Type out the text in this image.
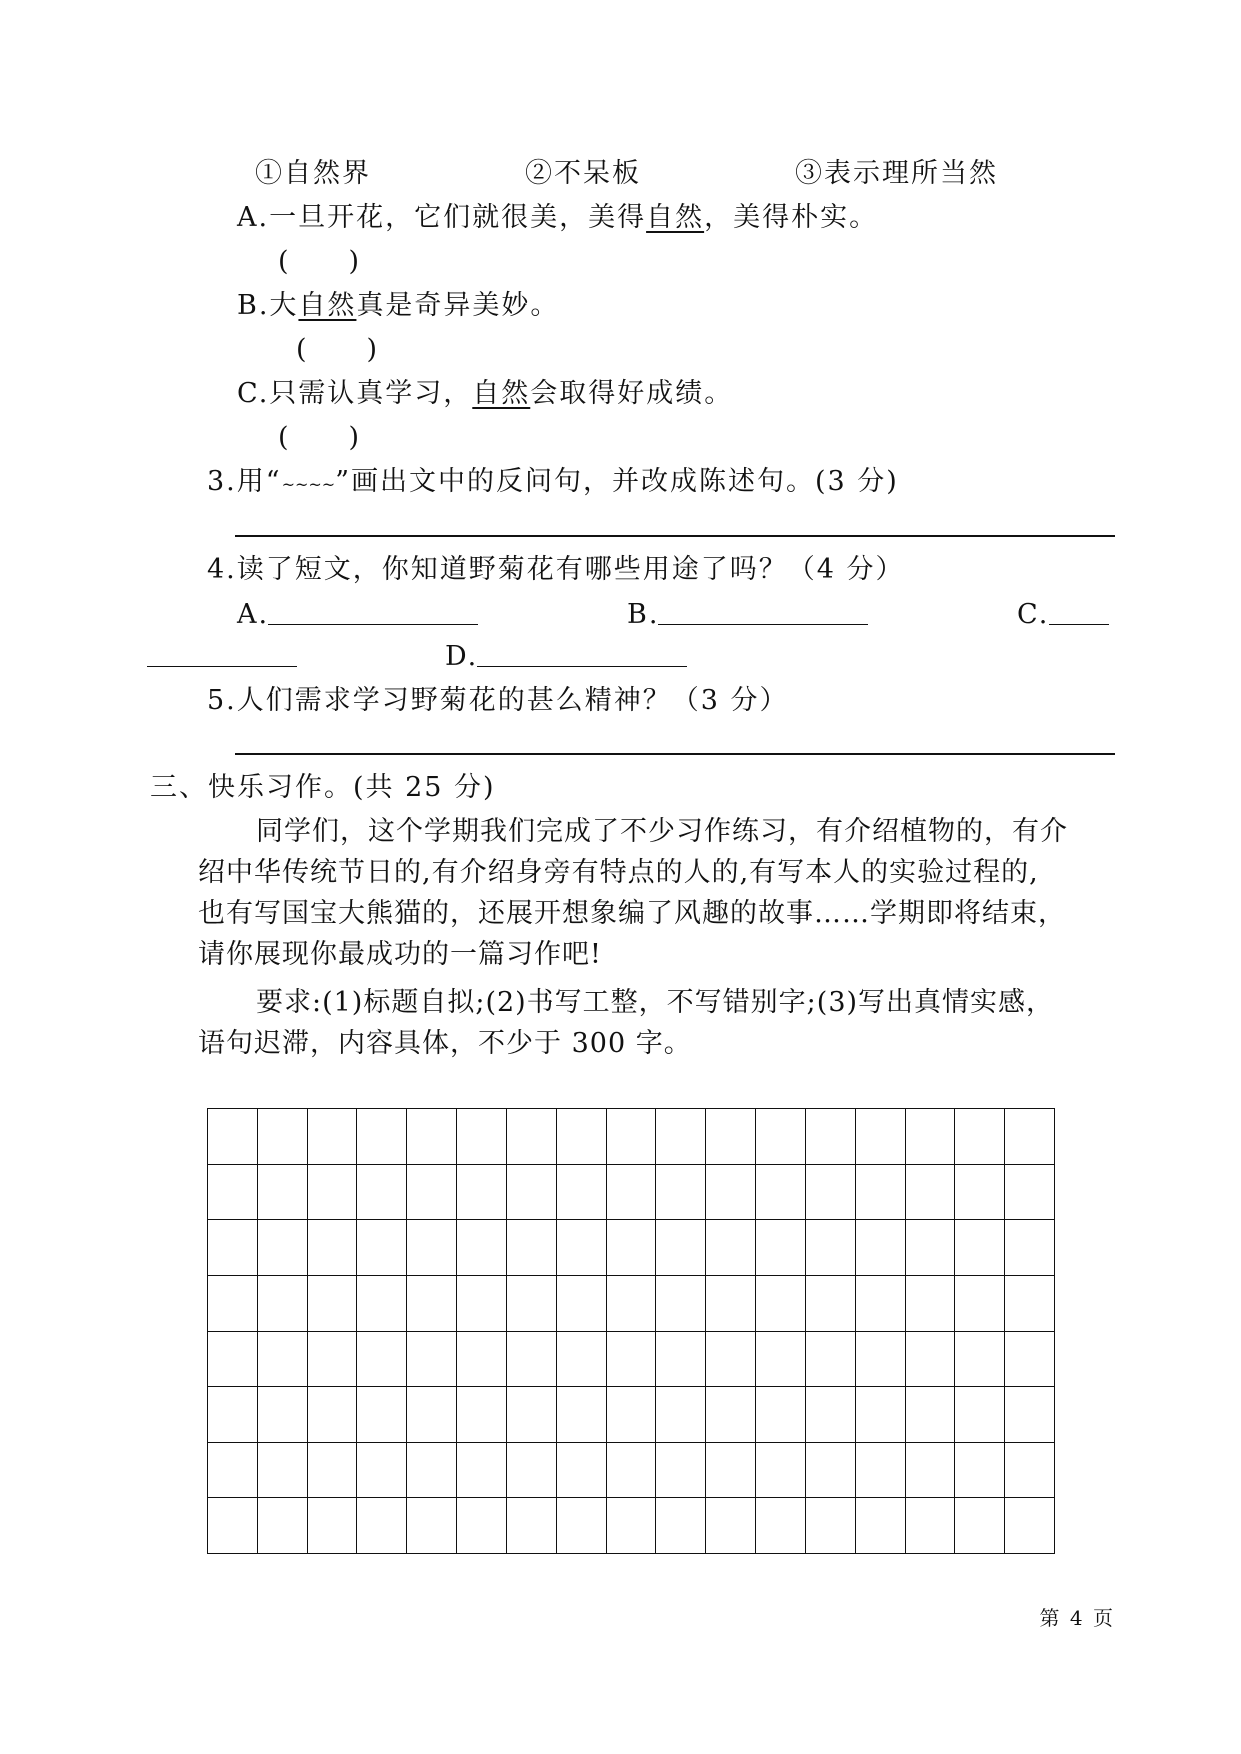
①自然界	②不呆板	③表示理所当然
A.一旦开花，它们就很美，美得自然，美得朴实。
(　　)
B.大自然真是奇异美妙。
(　　)
C.只需认真学习，自然会取得好成绩。
(　　)
3.用“~~~~”画出文中的反问句，并改成陈述句。(3 分)
4.读了短文，你知道野菊花有哪些用途了吗？（4 分）
A.	B.	C.
D.
5.人们需求学习野菊花的甚么精神？（3 分）
三、快乐习作。(共 25 分)
同学们，这个学期我们完成了不少习作练习，有介绍植物的，有介
绍中华传统节日的,有介绍身旁有特点的人的,有写本人的实验过程的,
也有写国宝大熊猫的，还展开想象编了风趣的故事……学期即将结束，
请你展现你最成功的一篇习作吧!
要求:(1)标题自拟;(2)书写工整，不写错别字;(3)写出真情实感，
语句迟滞，内容具体，不少于 300 字。
第 4 页
